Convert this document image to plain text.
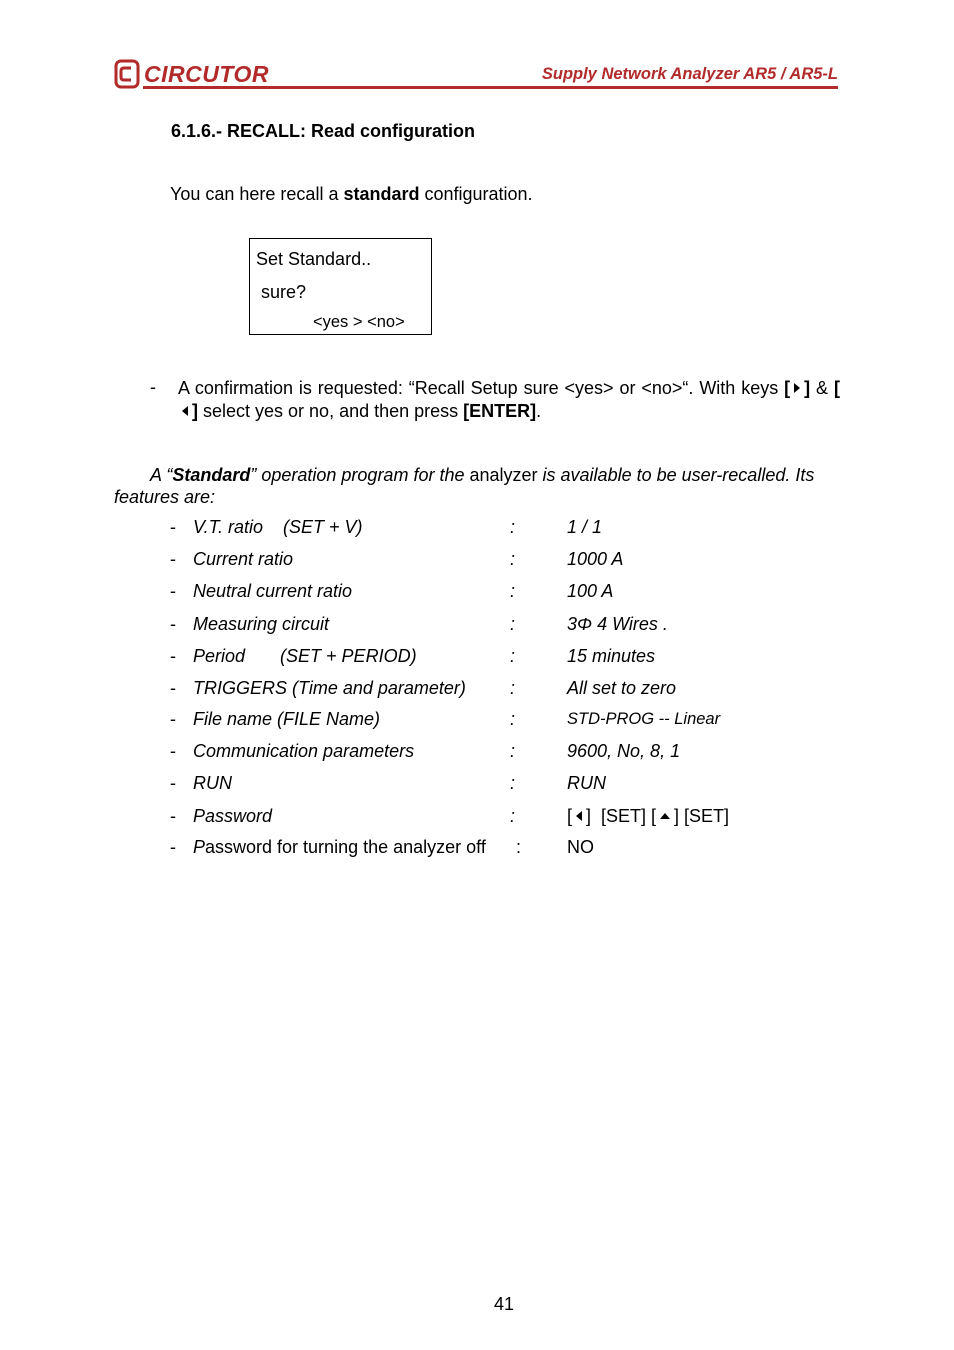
CIRCUTOR	Supply Network Analyzer AR5 / AR5-L
6.1.6.- RECALL: Read configuration
You can here recall a standard configuration.
Set Standard..
sure?
<yes > <no>
- A confirmation is requested: “Recall Setup sure <yes> or <no>“. With keys [ ] & [] select yes or no, and then press [ENTER].
A “Standard” operation program for the analyzer is available to be user-recalled. Its features are:
- V.T. ratio    (SET + V)	:	1 / 1
- Current ratio	:	1000 A
- Neutral current ratio	:	100 A
- Measuring circuit	:	3Φ 4 Wires .
- Period       (SET + PERIOD)	:	15 minutes
- TRIGGERS (Time and parameter) :	All set to zero
- File name (FILE Name)	:	STD-PROG -- Linear
- Communication parameters	:	9600, No, 8, 1
- RUN	:	RUN
- Password	:	[ ]  [SET] [ ] [SET]
- Password for turning the analyzer off :	NO
41
